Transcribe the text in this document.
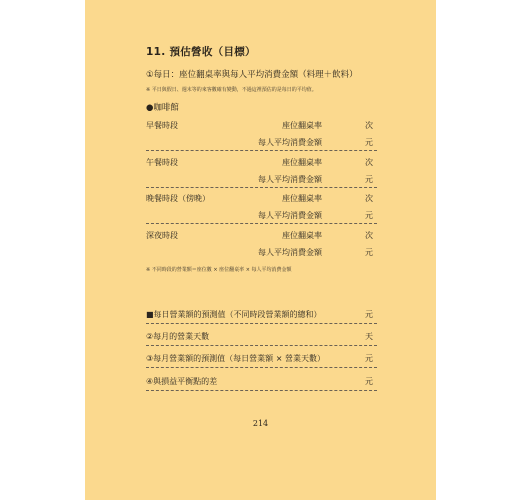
11. 預估營收（目標）
①每日：座位翻桌率與每人平均消費金額（料理＋飲料）
※ 平日與假日、週末等的來客數確有變動，不過這裡預估的是每日的平均值。
●咖啡館
早餐時段	座位翻桌率	次
每人平均消費金額	元
午餐時段	座位翻桌率	次
每人平均消費金額	元
晚餐時段（傍晚）	座位翻桌率	次
每人平均消費金額	元
深夜時段	座位翻桌率	次
每人平均消費金額	元
※ 不同時段的營業額＝座位數 × 座位翻桌率 × 每人平均消費金額
■每日營業額的預測值（不同時段營業額的總和）	元
②每月的營業天數	天
③每月營業額的預測值（每日營業額 × 營業天數）	元
④與損益平衡點的差	元
214
